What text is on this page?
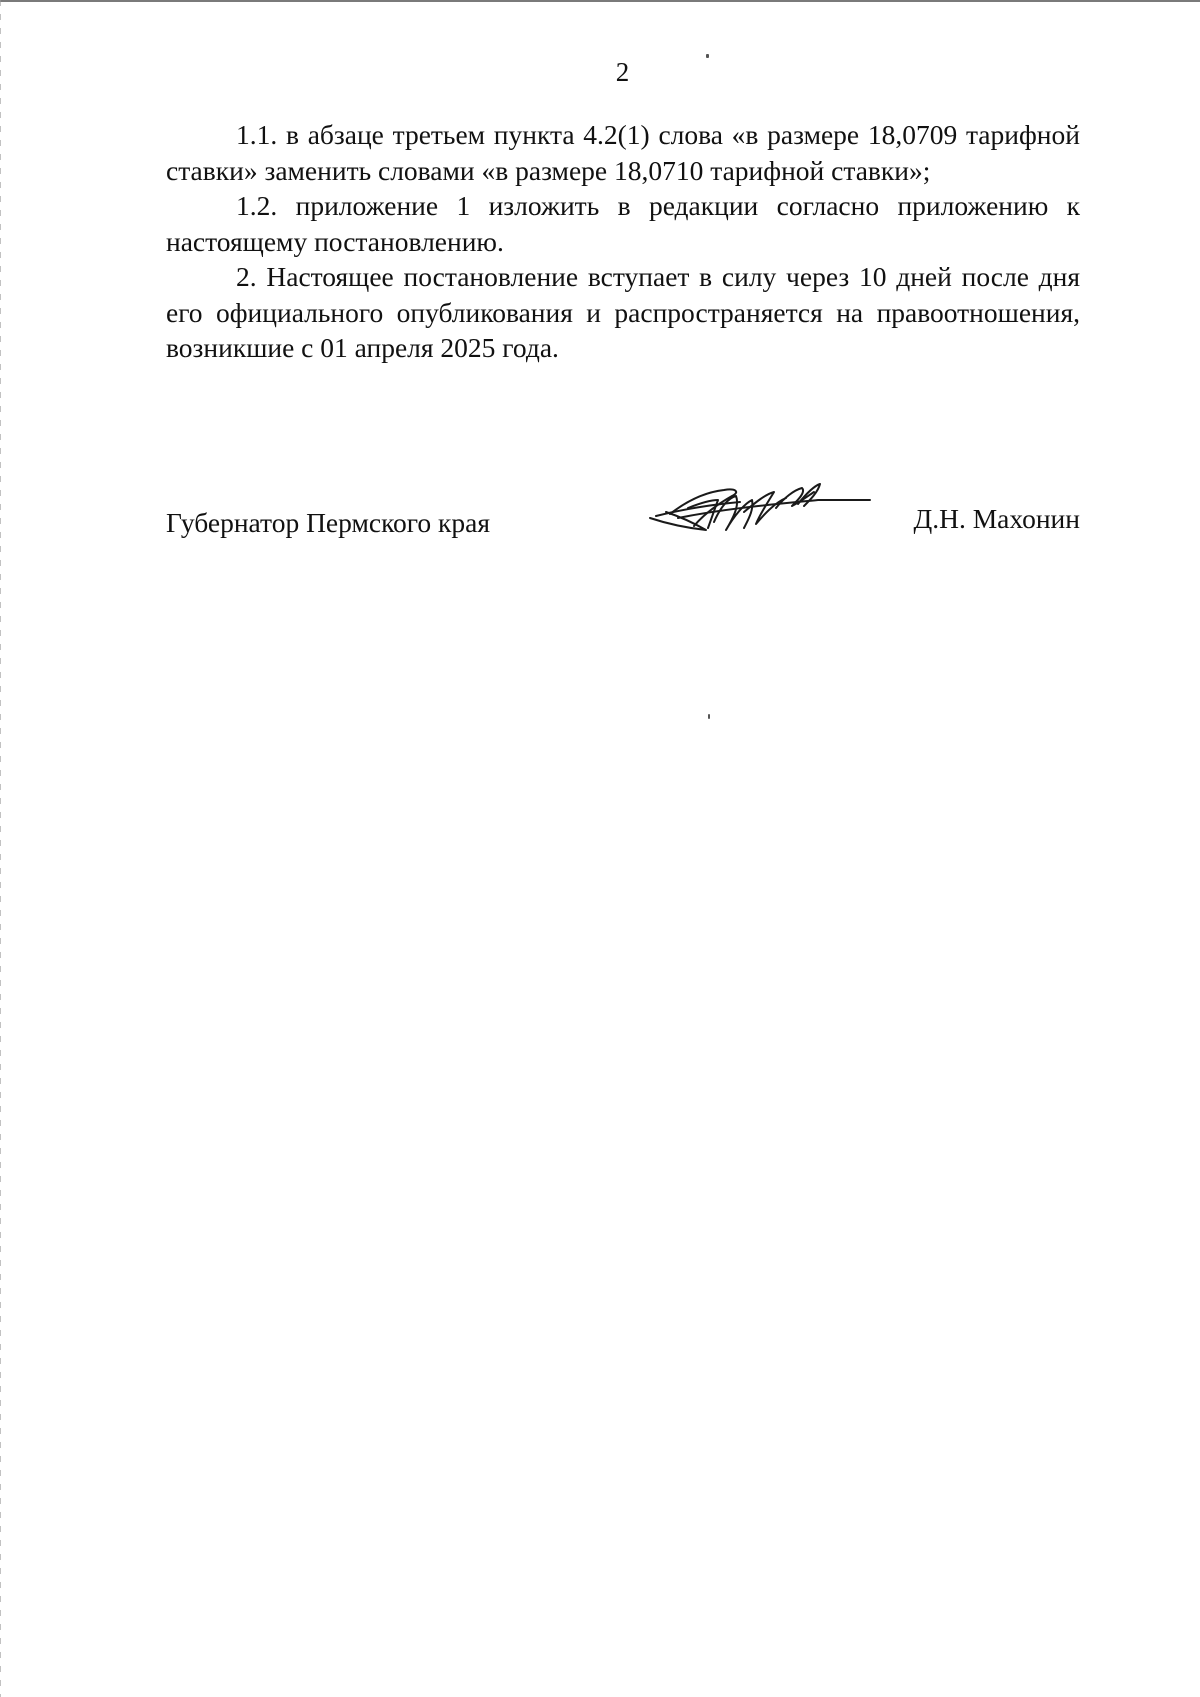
2

1.1. в абзаце третьем пункта 4.2(1) слова «в размере 18,0709 тарифной ставки» заменить словами «в размере 18,0710 тарифной ставки»;

1.2. приложение 1 изложить в редакции согласно приложению к настоящему постановлению.

2. Настоящее постановление вступает в силу через 10 дней после дня его официального опубликования и распространяется на правоотношения, возникшие с 01 апреля 2025 года.

Губернатор Пермского края	Д.Н. Махонин
